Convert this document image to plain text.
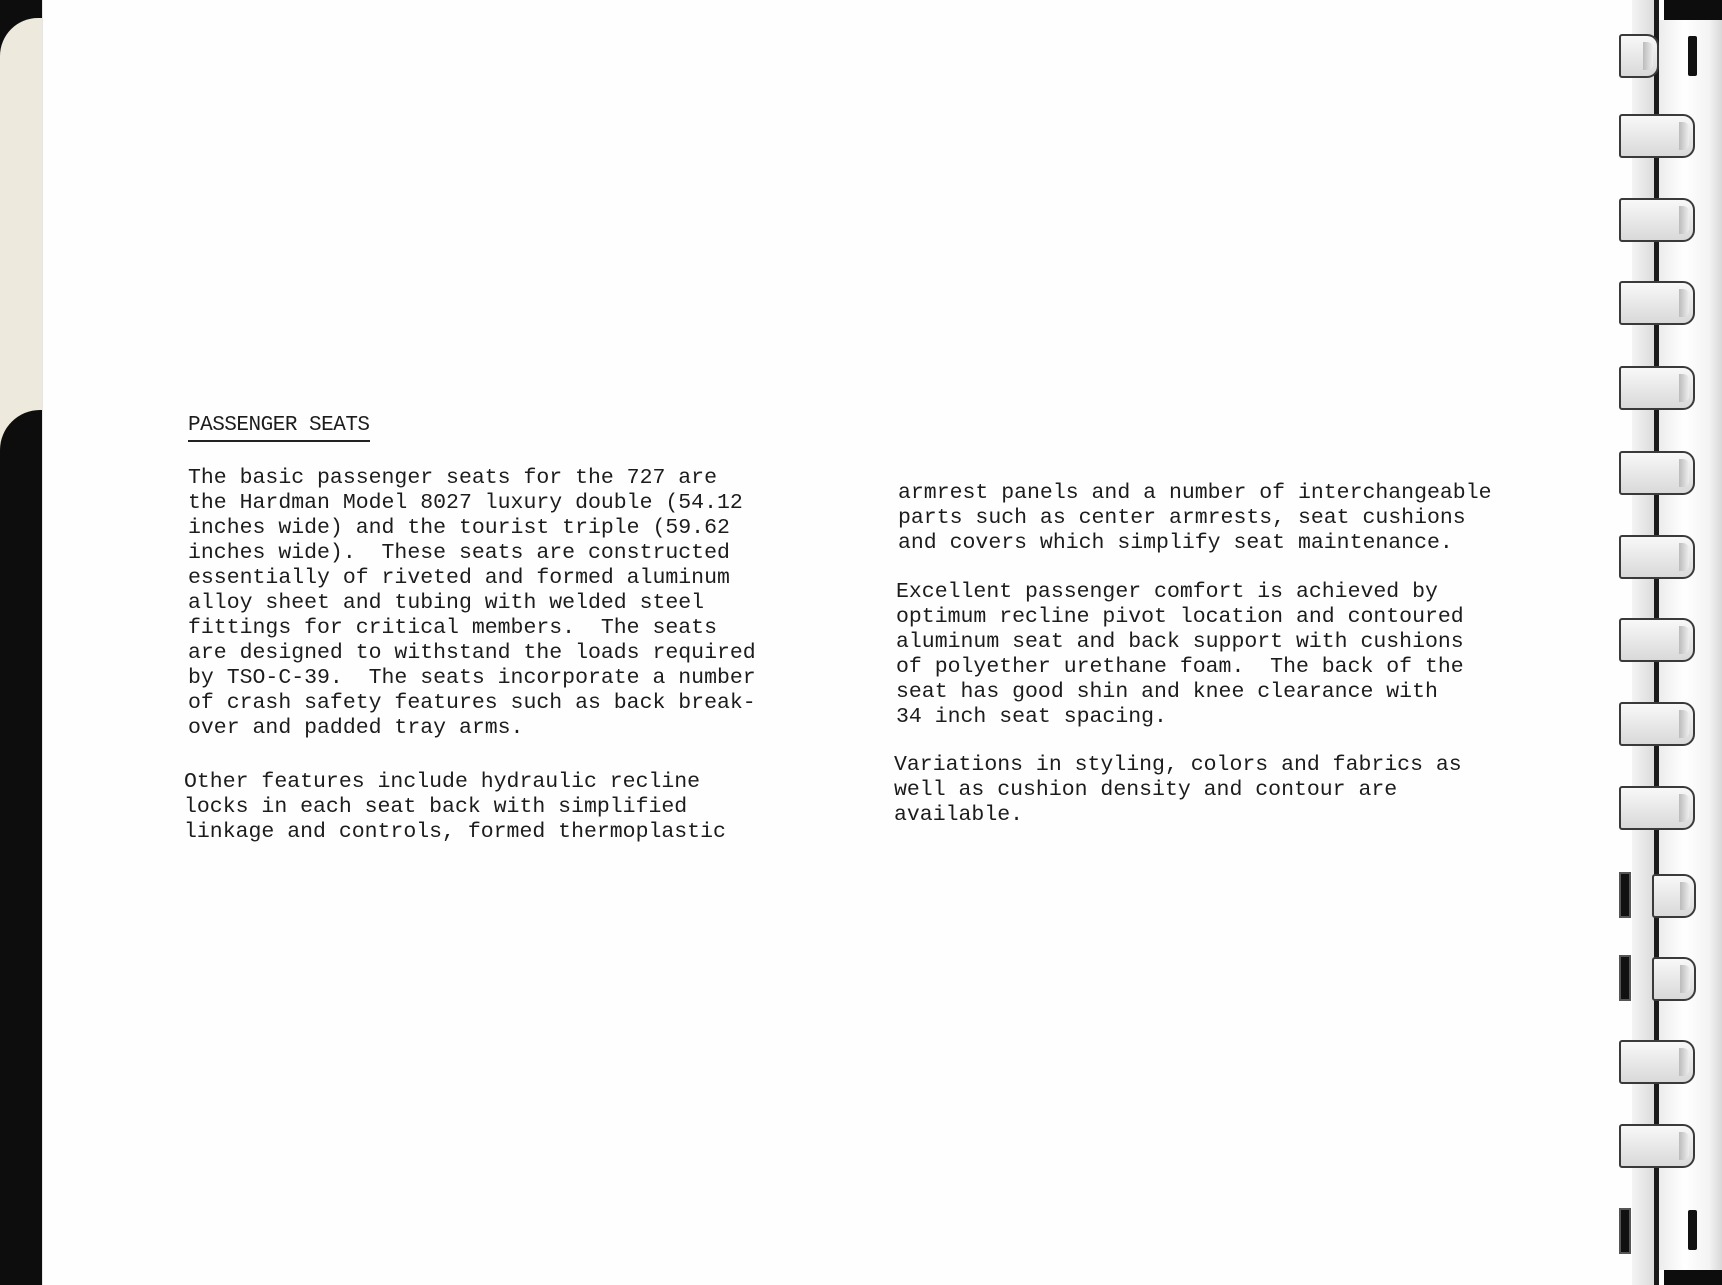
PASSENGER SEATS
The basic passenger seats for the 727 are
the Hardman Model 8027 luxury double (54.12
inches wide) and the tourist triple (59.62
inches wide).  These seats are constructed
essentially of riveted and formed aluminum
alloy sheet and tubing with welded steel
fittings for critical members.  The seats
are designed to withstand the loads required
by TSO-C-39.  The seats incorporate a number
of crash safety features such as back break-
over and padded tray arms.
Other features include hydraulic recline
locks in each seat back with simplified
linkage and controls, formed thermoplastic
armrest panels and a number of interchangeable
parts such as center armrests, seat cushions
and covers which simplify seat maintenance.
Excellent passenger comfort is achieved by
optimum recline pivot location and contoured
aluminum seat and back support with cushions
of polyether urethane foam.  The back of the
seat has good shin and knee clearance with
34 inch seat spacing.
Variations in styling, colors and fabrics as
well as cushion density and contour are
available.
